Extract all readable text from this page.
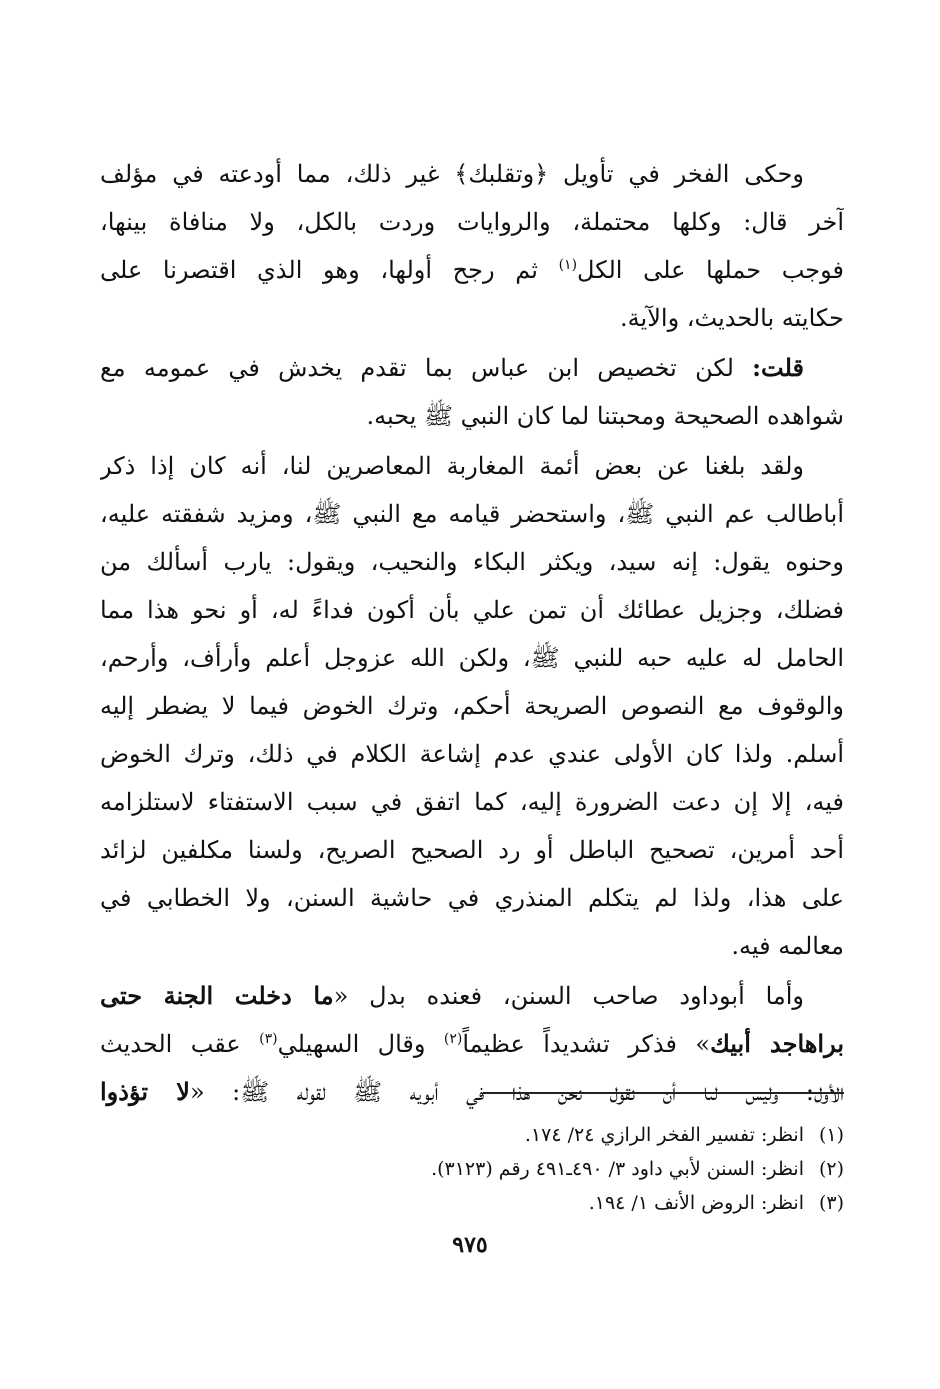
وحكى الفخر في تأويل ﴿وتقلبك﴾ غير ذلك، مما أودعته في مؤلف
آخر قال: وكلها محتملة، والروايات وردت بالكل، ولا منافاة بينها،
فوجب حملها على الكل$^{(١)}$ ثم رجح أولها، وهو الذي اقتصرنا على
حكايته بالحديث، والآية.
قلت: لكن تخصيص ابن عباس بما تقدم يخدش في عمومه مع
شواهده الصحيحة ومحبتنا لما كان النبي ﷺ يحبه.
ولقد بلغنا عن بعض أئمة المغاربة المعاصرين لنا، أنه كان إذا ذكر
أباطالب عم النبي ﷺ، واستحضر قيامه مع النبي ﷺ، ومزيد شفقته عليه،
وحنوه يقول: إنه سيد، ويكثر البكاء والنحيب، ويقول: يارب أسألك من
فضلك، وجزيل عطائك أن تمن علي بأن أكون فداءً له، أو نحو هذا مما
الحامل له عليه حبه للنبي ﷺ، ولكن الله عزوجل أعلم وأرأف، وأرحم،
والوقوف مع النصوص الصريحة أحكم، وترك الخوض فيما لا يضطر إليه
أسلم. ولذا كان الأولى عندي عدم إشاعة الكلام في ذلك، وترك الخوض
فيه، إلا إن دعت الضرورة إليه، كما اتفق في سبب الاستفتاء لاستلزامه
أحد أمرين، تصحيح الباطل أو رد الصحيح الصريح، ولسنا مكلفين لزائد
على هذا، ولذا لم يتكلم المنذري في حاشية السنن، ولا الخطابي في
معالمه فيه.
وأما أبوداود صاحب السنن، فعنده بدل «ما دخلت الجنة حتى
براهاجد أبيك» فذكر تشديداً عظيماً$^{(٢)}$ وقال السهيلي$^{(٣)}$ عقب الحديث
الأول: وليس لنا أن نقول نحن هذا في أبويه ﷺ لقوله ﷺ: «لا تؤذوا
(١)انظر: تفسير الفخر الرازي ٢٤/ ١٧٤.
(٢)انظر: السنن لأبي داود ٣/ ٤٩٠ـ٤٩١ رقم (٣١٢٣).
(٣)انظر: الروض الأنف ١/ ١٩٤.
٩٧٥
